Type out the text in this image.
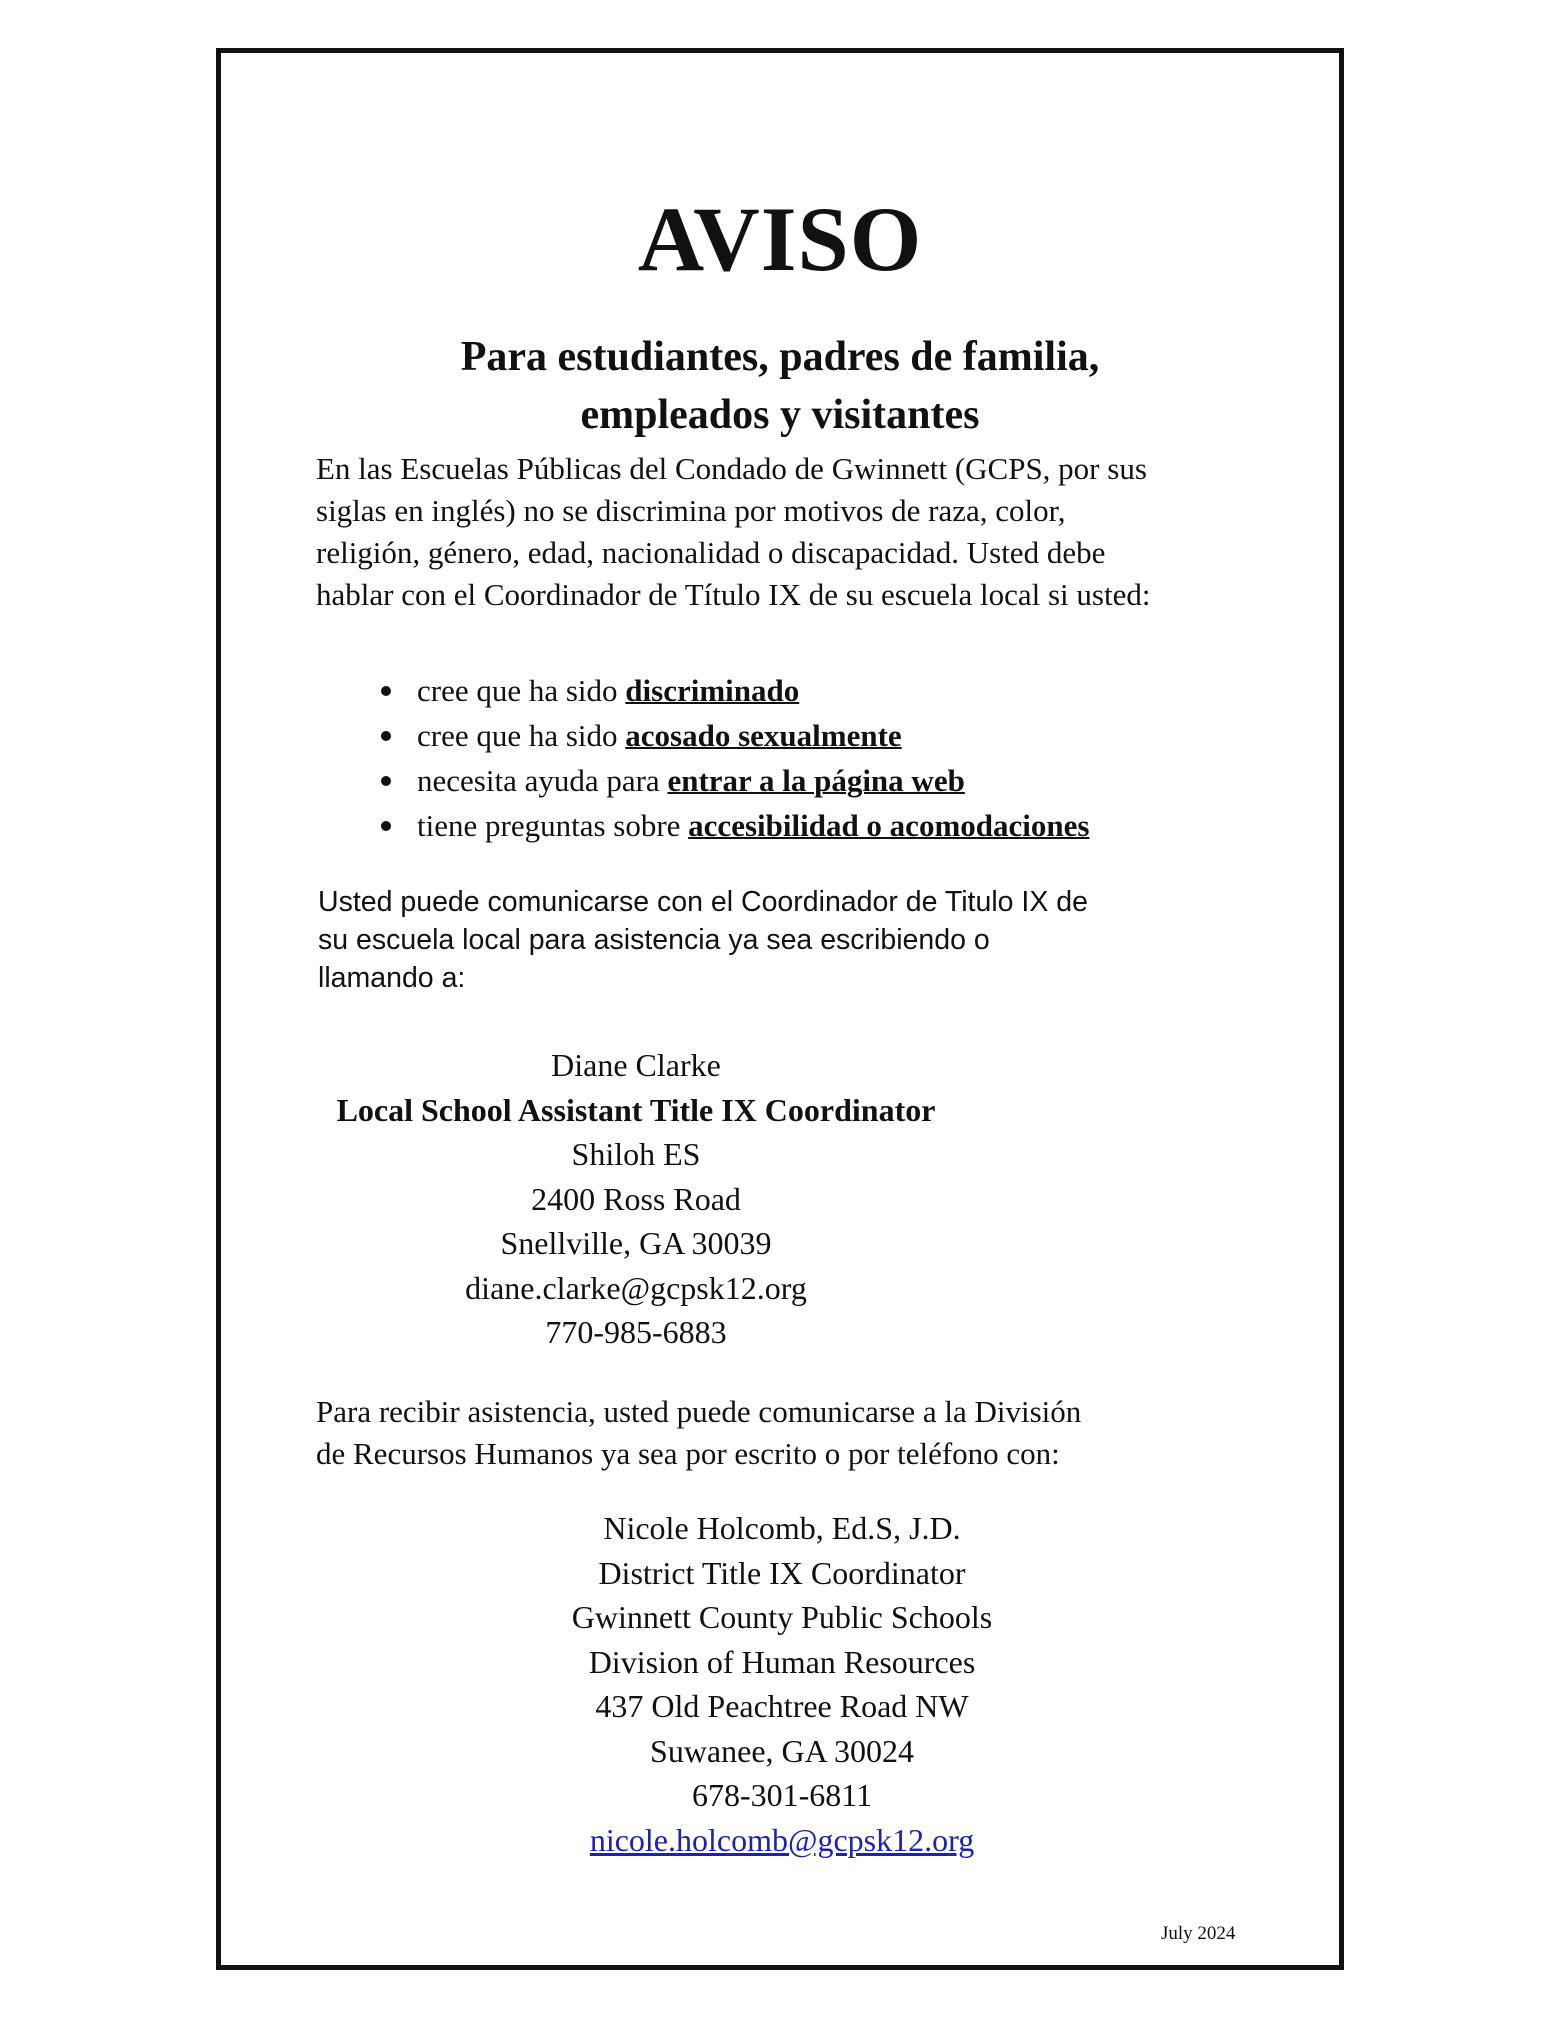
AVISO
Para estudiantes, padres de familia,
empleados y visitantes
En las Escuelas Públicas del Condado de Gwinnett (GCPS, por sus
siglas en inglés) no se discrimina por motivos de raza, color,
religión, género, edad, nacionalidad o discapacidad. Usted debe
hablar con el Coordinador de Título IX de su escuela local si usted:
cree que ha sido discriminado
cree que ha sido acosado sexualmente
necesita ayuda para entrar a la página web
tiene preguntas sobre accesibilidad o acomodaciones
Usted puede comunicarse con el Coordinador de Titulo IX de
su escuela local para asistencia ya sea escribiendo o
llamando a:
Diane Clarke
Local School Assistant Title IX Coordinator
Shiloh ES
2400 Ross Road
Snellville, GA 30039
diane.clarke@gcpsk12.org
770-985-6883
Para recibir asistencia, usted puede comunicarse a la División
de Recursos Humanos ya sea por escrito o por teléfono con:
Nicole Holcomb, Ed.S, J.D.
District Title IX Coordinator
Gwinnett County Public Schools
Division of Human Resources
437 Old Peachtree Road NW
Suwanee, GA 30024
678-301-6811
nicole.holcomb@gcpsk12.org
July 2024
